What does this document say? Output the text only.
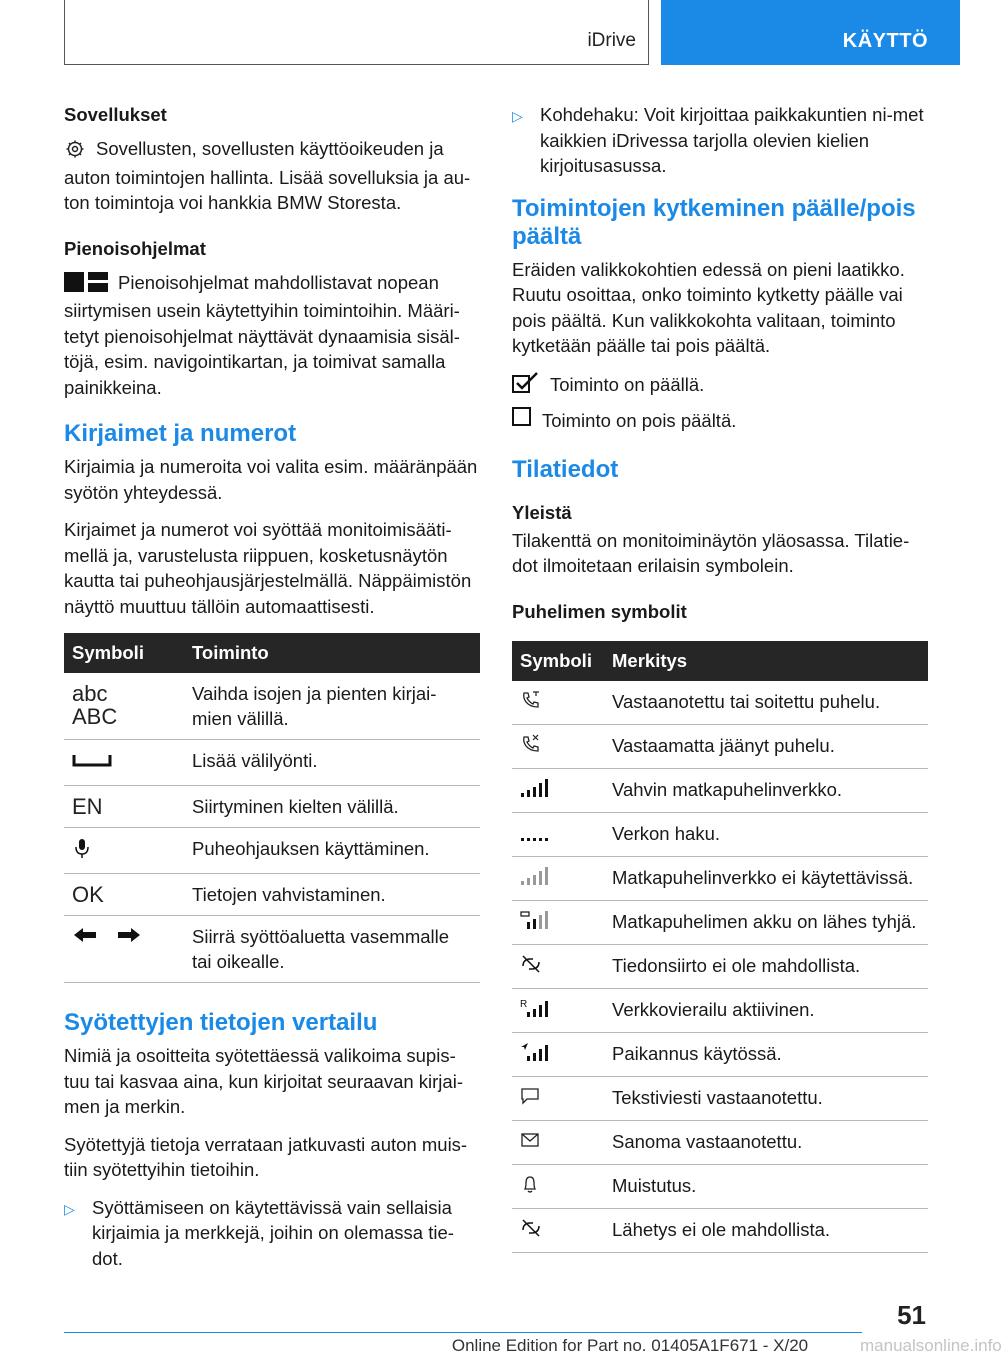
iDrive	KÄYTTÖ
Sovellukset
Sovellusten, sovellusten käyttöoikeuden ja auton toimintojen hallinta. Lisää sovelluksia ja au-ton toimintoja voi hankkia BMW Storesta.
Pienoisohjelmat
Pienoisohjelmat mahdollistavat nopean siirtymisen usein käytettyihin toimintoihin. Määri-tetyt pienoisohjelmat näyttävät dynaamisia sisäl-töjä, esim. navigointikartan, ja toimivat samalla painikkeina.
Kirjaimet ja numerot
Kirjaimia ja numeroita voi valita esim. määränpään syötön yhteydessä.
Kirjaimet ja numerot voi syöttää monitoimisääti-mellä ja, varustelusta riippuen, kosketusnäytön kautta tai puheohjausjärjestelmällä. Näppäimistön näyttö muuttuu tällöin automaattisesti.
Symboli	Toiminto

abc
ABC	Vaihda isojen ja pienten kirjai-mien välillä.
	Lisää välilyönti.

EN	Siirtyminen kielten välillä.
	Puheohjauksen käyttäminen.

OK	Tietojen vahvistaminen.
	Siirrä syöttöaluetta vasemmalle tai oikealle.
Syötettyjen tietojen vertailu
Nimiä ja osoitteita syötettäessä valikoima supis-tuu tai kasvaa aina, kun kirjoitat seuraavan kirjai-men ja merkin.
Syötettyjä tietoja verrataan jatkuvasti auton muis-tiin syötettyihin tietoihin.
▷ Syöttämiseen on käytettävissä vain sellaisia kirjaimia ja merkkejä, joihin on olemassa tie-dot.
▷ Kohdehaku: Voit kirjoittaa paikkakuntien ni-met kaikkien iDrivessa tarjolla olevien kielien kirjoitusasussa.
Toimintojen kytkeminen päälle/pois päältä
Eräiden valikkokohtien edessä on pieni laatikko. Ruutu osoittaa, onko toiminto kytketty päälle vai pois päältä. Kun valikkokohta valitaan, toiminto kytketään päälle tai pois päältä.
Toiminto on päällä.
Toiminto on pois päältä.
Tilatiedot
Yleistä
Tilakenttä on monitoiminäytön yläosassa. Tilatie-dot ilmoitetaan erilaisin symbolein.
Puhelimen symbolit
Symboli	Merkitys
	Vastaanotettu tai soitettu puhelu.
	Vastaamatta jäänyt puhelu.
	Vahvin matkapuhelinverkko.
	Verkon haku.
	Matkapuhelinverkko ei käytettävissä.
	Matkapuhelimen akku on lähes tyhjä.
	Tiedonsiirto ei ole mahdollista.

R	Verkkovierailu aktiivinen.
	Paikannus käytössä.
	Tekstiviesti vastaanotettu.
	Sanoma vastaanotettu.
	Muistutus.
	Lähetys ei ole mahdollista.
51
Online Edition for Part no. 01405A1F671 - X/20	manualsonline.info
